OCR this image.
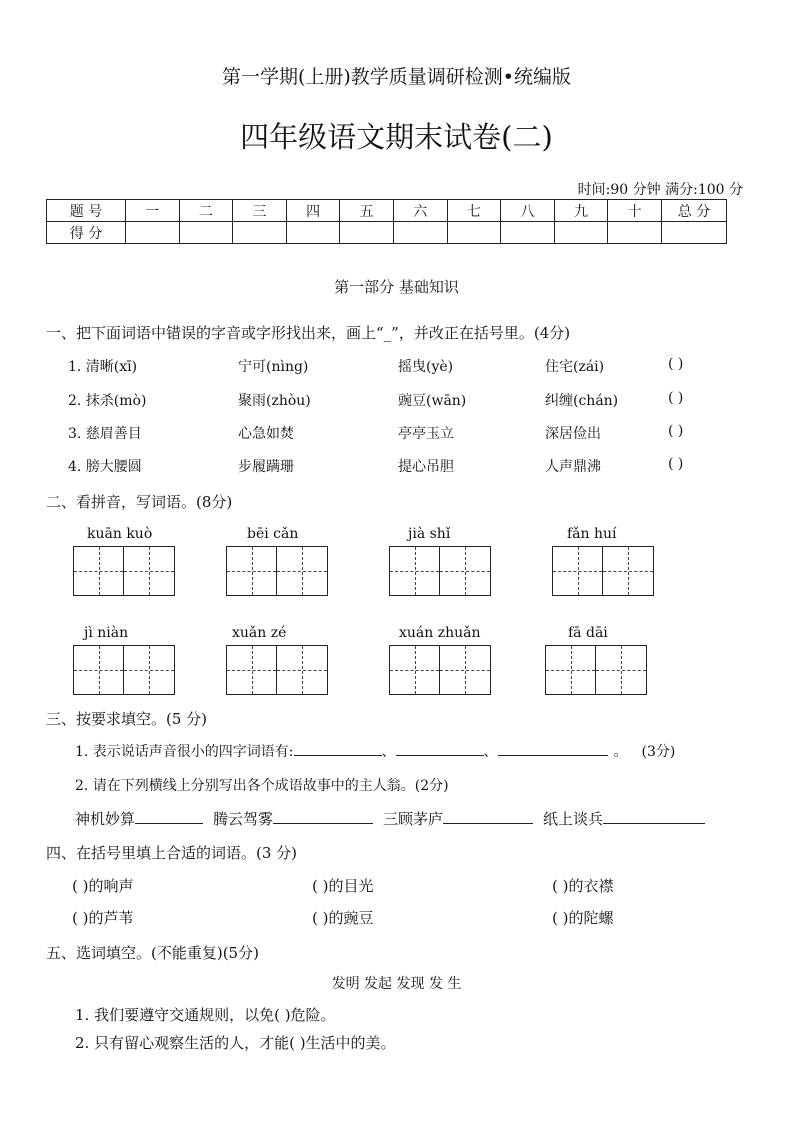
第一学期(上册)教学质量调研检测•统编版
四年级语文期末试卷(二)
时间:90 分钟 满分:100 分
题 号	一	二	三	四	五	六	七	八	九	十	总 分
得 分											
第一部分 基础知识
一、把下面词语中错误的字音或字形找出来，画上“_”，并改正在括号里。(4分)
1. 清晰(xī)	宁可(nìng)	摇曳(yè)	住宅(zái)	( )
2. 抹杀(mò)	聚雨(zhòu)	豌豆(wān)	纠缠(chán)	( )
3. 慈眉善目	心急如焚	亭亭玉立	深居俭出	( )
4. 膀大腰圆	步履蹒珊	提心吊胆	人声鼎沸	( )
二、看拼音，写词语。(8分)
kuān kuò	bēi cǎn	jià shǐ	fǎn huí
jì niàn	xuǎn zé	xuán zhuǎn	fā dāi
三、按要求填空。(5 分)
1. 表示说话声音很小的四字词语有:	、	、	。 (3分)
2. 请在下列横线上分别写出各个成语故事中的主人翁。(2分)
神机妙算	腾云驾雾	三顾茅庐	纸上谈兵
四、在括号里填上合适的词语。(3 分)
( )的响声	( )的目光	( )的衣襟
( )的芦苇	( )的豌豆	( )的陀螺
五、选词填空。(不能重复)(5分)
发明 发起 发现 发 生
1. 我们要遵守交通规则，以免( )危险。
2. 只有留心观察生活的人，才能( )生活中的美。
